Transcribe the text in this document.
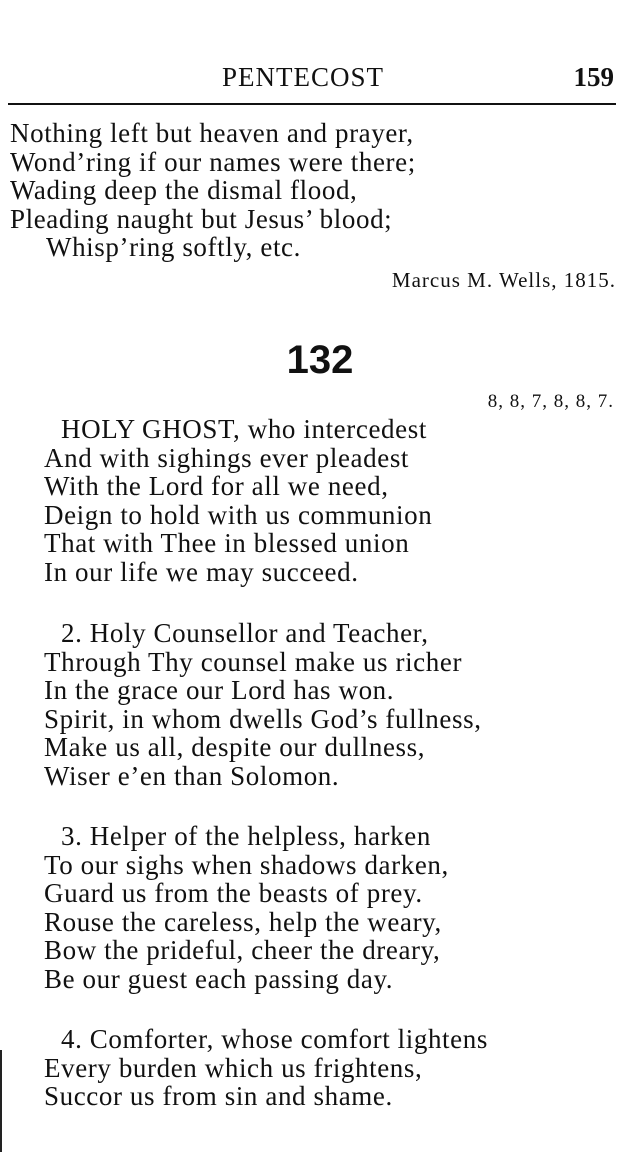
PENTECOST	159
Nothing left but heaven and prayer,
Wond’ring if our names were there;
Wading deep the dismal flood,
Pleading naught but Jesus’ blood;
Whisp’ring softly, etc.
Marcus M. Wells, 1815.
132
8, 8, 7, 8, 8, 7.
HOLY GHOST, who intercedest
And with sighings ever pleadest
With the Lord for all we need,
Deign to hold with us communion
That with Thee in blessed union
In our life we may succeed.
2. Holy Counsellor and Teacher,
Through Thy counsel make us richer
In the grace our Lord has won.
Spirit, in whom dwells God’s fullness,
Make us all, despite our dullness,
Wiser e’en than Solomon.
3. Helper of the helpless, harken
To our sighs when shadows darken,
Guard us from the beasts of prey.
Rouse the careless, help the weary,
Bow the prideful, cheer the dreary,
Be our guest each passing day.
4. Comforter, whose comfort lightens
Every burden which us frightens,
Succor us from sin and shame.
